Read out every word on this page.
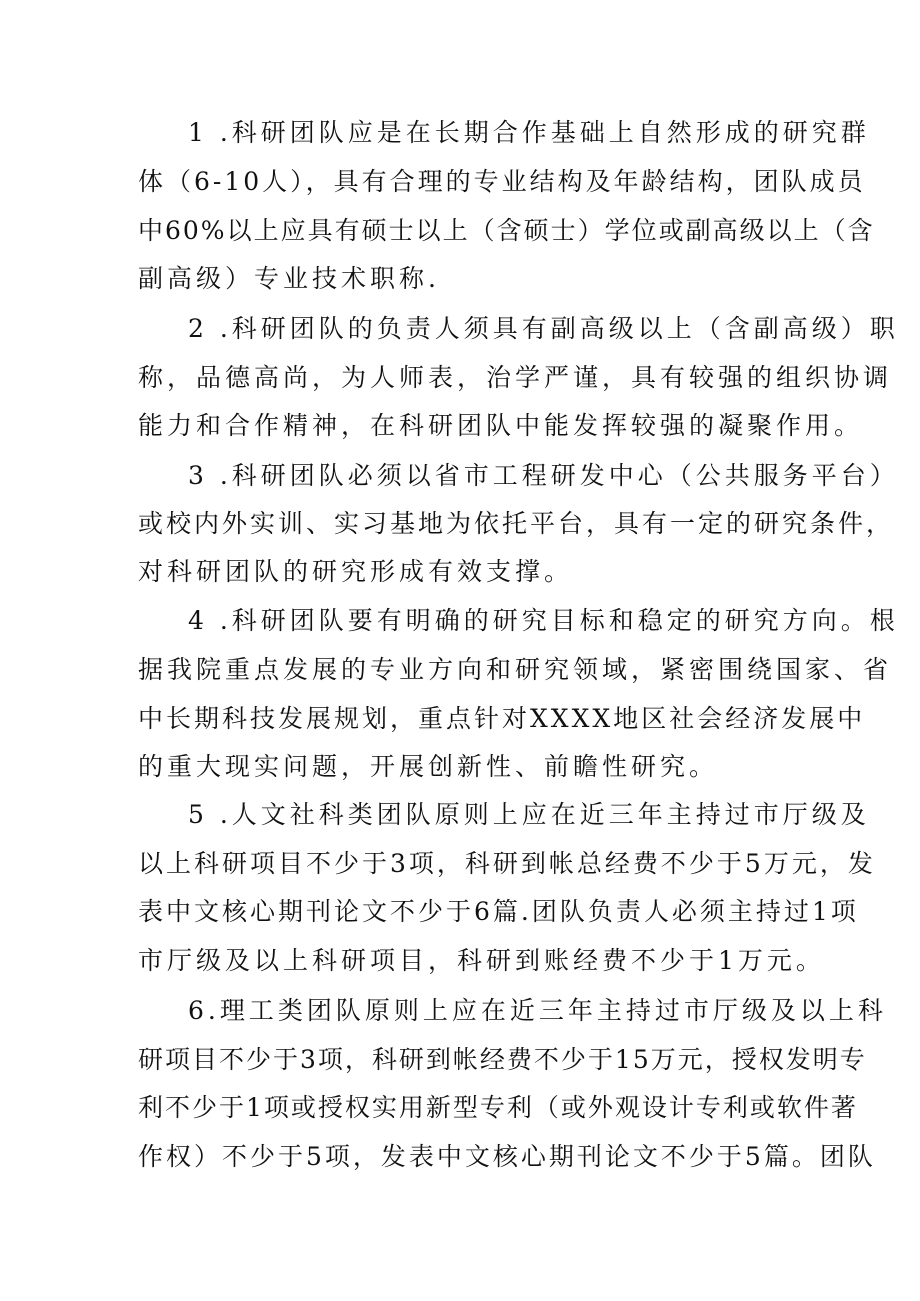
1 .科研团队应是在长期合作基础上自然形成的研究群
体（6-10人），具有合理的专业结构及年龄结构，团队成员
中60%以上应具有硕士以上（含硕士）学位或副高级以上（含
副高级）专业技术职称.
2 .科研团队的负责人须具有副高级以上（含副高级）职
称，品德高尚，为人师表，治学严谨，具有较强的组织协调
能力和合作精神，在科研团队中能发挥较强的凝聚作用。
3 .科研团队必须以省市工程研发中心（公共服务平台）
或校内外实训、实习基地为依托平台，具有一定的研究条件，
对科研团队的研究形成有效支撑。
4 .科研团队要有明确的研究目标和稳定的研究方向。根
据我院重点发展的专业方向和研究领域，紧密围绕国家、省
中长期科技发展规划，重点针对XXXX地区社会经济发展中
的重大现实问题，开展创新性、前瞻性研究。
5 .人文社科类团队原则上应在近三年主持过市厅级及
以上科研项目不少于3项，科研到帐总经费不少于5万元，发
表中文核心期刊论文不少于6篇.团队负责人必须主持过1项
市厅级及以上科研项目，科研到账经费不少于1万元。
6.理工类团队原则上应在近三年主持过市厅级及以上科
研项目不少于3项，科研到帐经费不少于15万元，授权发明专
利不少于1项或授权实用新型专利（或外观设计专利或软件著
作权）不少于5项，发表中文核心期刊论文不少于5篇。团队
